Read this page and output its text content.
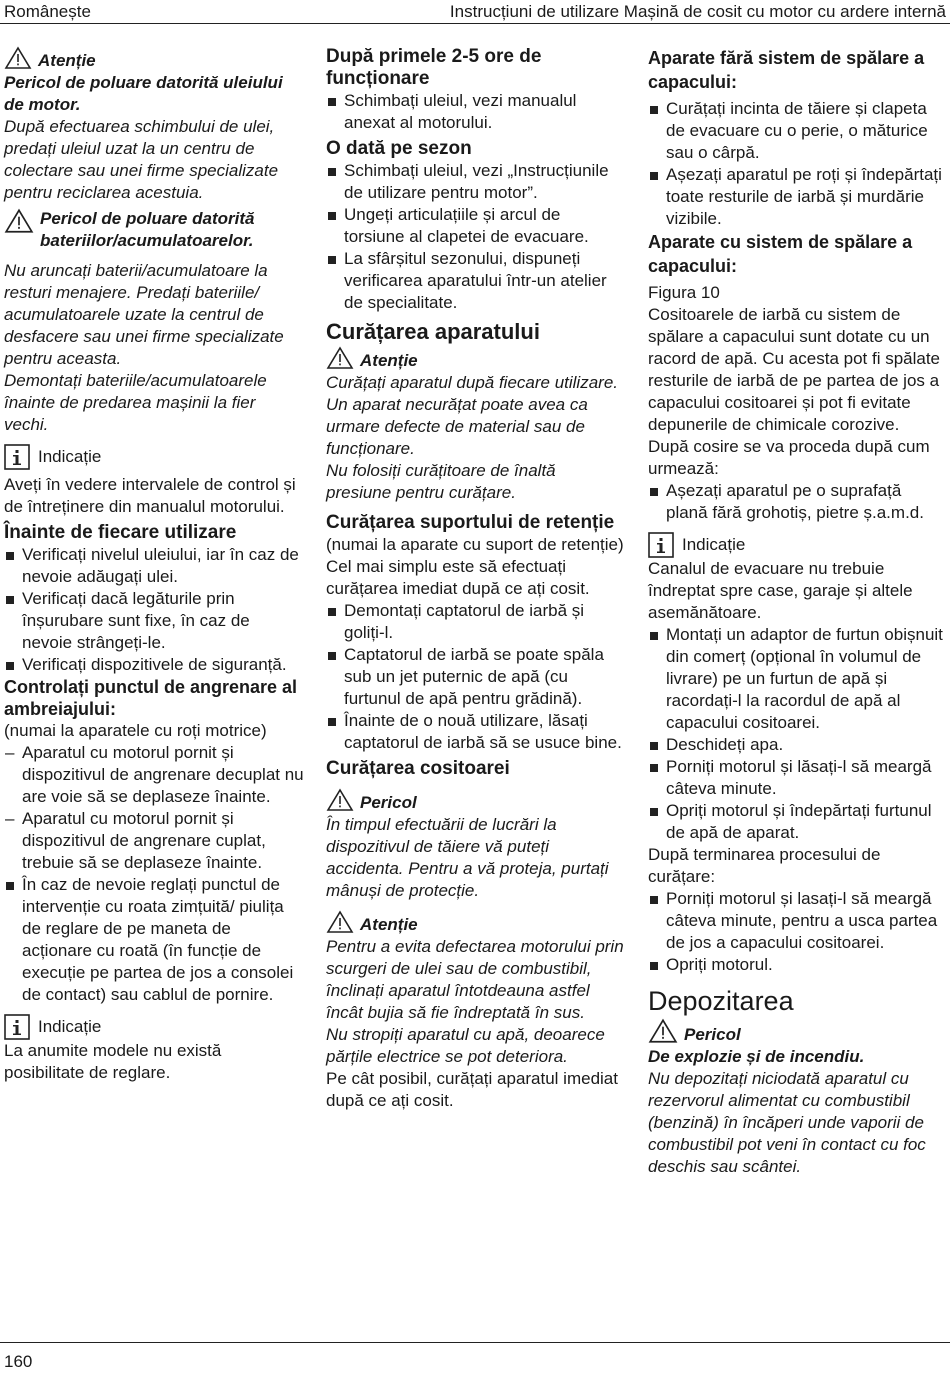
Românește	Instrucțiuni de utilizare Mașină de cosit cu motor cu ardere internă
Atenție

Pericol de poluare datorită uleiului de motor.

După efectuarea schimbului de ulei, predați uleiul uzat la un centru de colectare sau unei firme specializate pentru reciclarea acestuia.

Pericol de poluare datorită bateriilor/acumulatoarelor.

Nu aruncați baterii/acumulatoare la resturi menajere. Predați bateriile/ acumulatoarele uzate la centrul de desfacere sau unei firme specializate pentru aceasta.

Demontați bateriile/acumulatoarele înainte de predarea mașinii la fier vechi.

Indicație

Aveți în vedere intervalele de control și de întreținere din manualul motorului.

Înainte de fiecare utilizare

Verificați nivelul uleiului, iar în caz de nevoie adăugați ulei.
Verificați dacă legăturile prin înșurubare sunt fixe, în caz de nevoie strângeți-le.
Verificați dispozitivele de siguranță.

Controlați punctul de angrenare al ambreiajului:

(numai la aparatele cu roți motrice)

– Aparatul cu motorul pornit și dispozitivul de angrenare decuplat nu are voie să se deplaseze înainte.
– Aparatul cu motorul pornit și dispozitivul de angrenare cuplat, trebuie să se deplaseze înainte.
În caz de nevoie reglați punctul de intervenție cu roata zimțuită/ piulița de reglare de pe maneta de acționare cu roată (în funcție de execuție pe partea de jos a consolei de contact) sau cablul de pornire.
Indicație

La anumite modele nu există posibilitate de reglare.

După primele 2-5 ore de funcționare

Schimbați uleiul, vezi manualul anexat al motorului.

O dată pe sezon

Schimbați uleiul, vezi „Instrucțiunile de utilizare pentru motor”.
Ungeți articulațiile și arcul de torsiune al clapetei de evacuare.
La sfârșitul sezonului, dispuneți verificarea aparatului într-un atelier de specialitate.

Curățarea aparatului

Atenție

Curățați aparatul după fiecare utilizare. Un aparat necurățat poate avea ca urmare defecte de material sau de funcționare.

Nu folosiți curățitoare de înaltă presiune pentru curățare.

Curățarea suportului de retenție

(numai la aparate cu suport de retenție)

Cel mai simplu este să efectuați curățarea imediat după ce ați cosit.

Demontați captatorul de iarbă și goliți-l.
Captatorul de iarbă se poate spăla sub un jet puternic de apă (cu furtunul de apă pentru grădină).
Înainte de o nouă utilizare, lăsați captatorul de iarbă să se usuce bine.

Curățarea cositoarei

Pericol

În timpul efectuării de lucrări la dispozitivul de tăiere vă puteți accidenta. Pentru a vă proteja, purtați mânuși de protecție.

Atenție

Pentru a evita defectarea motorului prin scurgeri de ulei sau de combustibil, înclinați aparatul întotdeauna astfel încât bujia să fie îndreptată în sus.

Nu stropiți aparatul cu apă, deoarece părțile electrice se pot deteriora.

Pe cât posibil, curățați aparatul imediat după ce ați cosit.

Aparate fără sistem de spălare a capacului:

Curățați incinta de tăiere și clapeta de evacuare cu o perie, o măturice sau o cârpă.
Așezați aparatul pe roți și îndepărtați toate resturile de iarbă și murdărie vizibile.

Aparate cu sistem de spălare a capacului:

Figura 10

Cositoarele de iarbă cu sistem de spălare a capacului sunt dotate cu un racord de apă. Cu acesta pot fi spălate resturile de iarbă de pe partea de jos a capacului cositoarei și pot fi evitate depunerile de chimicale corozive.

După cosire se va proceda după cum urmează:

Așezați aparatul pe o suprafață plană fără grohotiș, pietre ș.a.m.d.
Indicație

Canalul de evacuare nu trebuie îndreptat spre case, garaje și altele asemănătoare.

Montați un adaptor de furtun obișnuit din comerț (opțional în volumul de livrare) pe un furtun de apă și racordați-l la racordul de apă al capacului cositoarei.
Deschideți apa.
Porniți motorul și lăsați-l să meargă câteva minute.
Opriți motorul și îndepărtați furtunul de apă de aparat.

După terminarea procesului de curățare:

Porniți motorul și lasați-l să meargă câteva minute, pentru a usca partea de jos a capacului cositoarei.
Opriți motorul.

Depozitarea

Pericol

De explozie și de incendiu.

Nu depozitați niciodată aparatul cu rezervorul alimentat cu combustibil (benzină) în încăperi unde vaporii de combustibil pot veni în contact cu foc deschis sau scântei.

160
